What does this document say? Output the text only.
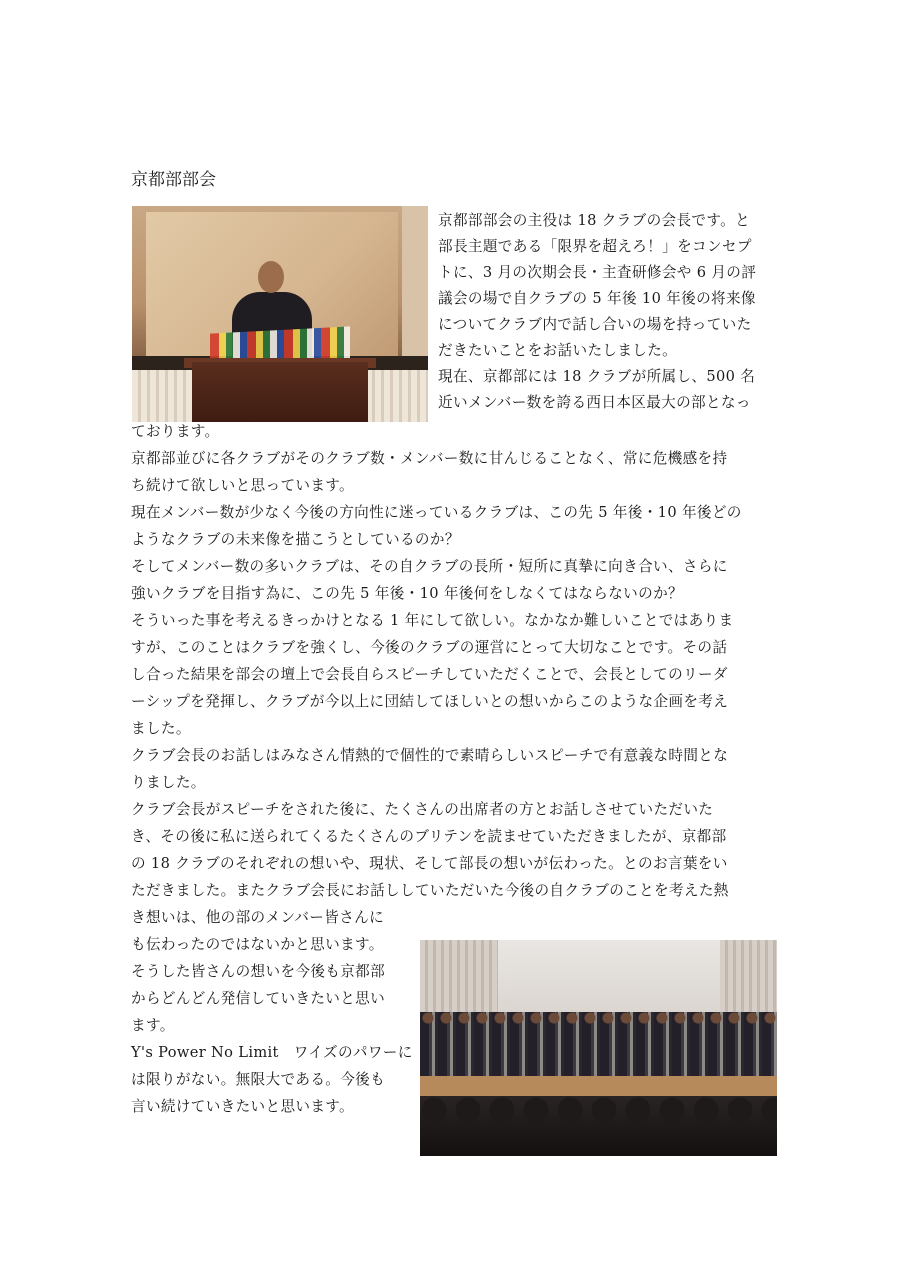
京都部部会
京都部部会の主役は 18 クラブの会長です。と
部長主題である「限界を超えろ！」をコンセプ
トに、3 月の次期会長・主査研修会や 6 月の評
議会の場で自クラブの 5 年後 10 年後の将来像
についてクラブ内で話し合いの場を持っていた
だきたいことをお話いたしました。
現在、京都部には 18 クラブが所属し、500 名
近いメンバー数を誇る西日本区最大の部となっ
ております。
京都部並びに各クラブがそのクラブ数・メンバー数に甘んじることなく、常に危機感を持
ち続けて欲しいと思っています。
現在メンバー数が少なく今後の方向性に迷っているクラブは、この先 5 年後・10 年後どの
ようなクラブの未来像を描こうとしているのか？
そしてメンバー数の多いクラブは、その自クラブの長所・短所に真摯に向き合い、さらに
強いクラブを目指す為に、この先 5 年後・10 年後何をしなくてはならないのか？
そういった事を考えるきっかけとなる 1 年にして欲しい。なかなか難しいことではありま
すが、このことはクラブを強くし、今後のクラブの運営にとって大切なことです。その話
し合った結果を部会の壇上で会長自らスピーチしていただくことで、会長としてのリーダ
ーシップを発揮し、クラブが今以上に団結してほしいとの想いからこのような企画を考え
ました。
クラブ会長のお話しはみなさん情熱的で個性的で素晴らしいスピーチで有意義な時間とな
りました。
クラブ会長がスピーチをされた後に、たくさんの出席者の方とお話しさせていただいた
き、その後に私に送られてくるたくさんのブリテンを読ませていただきましたが、京都部
の 18 クラブのそれぞれの想いや、現状、そして部長の想いが伝わった。とのお言葉をい
ただきました。またクラブ会長にお話ししていただいた今後の自クラブのことを考えた熱
き想いは、他の部のメンバー皆さんに
も伝わったのではないかと思います。
そうした皆さんの想いを今後も京都部
からどんどん発信していきたいと思い
ます。
Y's Power No Limit　ワイズのパワーに
は限りがない。無限大である。今後も
言い続けていきたいと思います。
